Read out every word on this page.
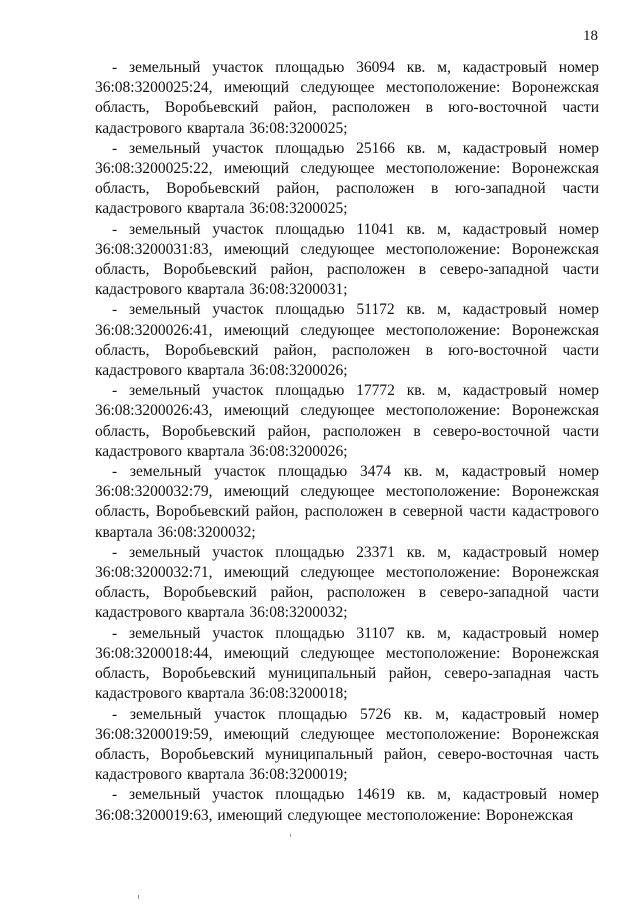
18

- земельный участок площадью 36094 кв. м, кадастровый номер 36:08:3200025:24, имеющий следующее местоположение: Воронежская область, Воробьевский район, расположен в юго-восточной части кадастрового квартала 36:08:3200025;

- земельный участок площадью 25166 кв. м, кадастровый номер 36:08:3200025:22, имеющий следующее местоположение: Воронежская область, Воробьевский район, расположен в юго-западной части кадастрового квартала 36:08:3200025;

- земельный участок площадью 11041 кв. м, кадастровый номер 36:08:3200031:83, имеющий следующее местоположение: Воронежская область, Воробьевский район, расположен в северо-западной части кадастрового квартала 36:08:3200031;

- земельный участок площадью 51172 кв. м, кадастровый номер 36:08:3200026:41, имеющий следующее местоположение: Воронежская область, Воробьевский район, расположен в юго-восточной части кадастрового квартала 36:08:3200026;

- земельный участок площадью 17772 кв. м, кадастровый номер 36:08:3200026:43, имеющий следующее местоположение: Воронежская область, Воробьевский район, расположен в северо-восточной части кадастрового квартала 36:08:3200026;

- земельный участок площадью 3474 кв. м, кадастровый номер 36:08:3200032:79, имеющий следующее местоположение: Воронежская область, Воробьевский район, расположен в северной части кадастрового квартала 36:08:3200032;

- земельный участок площадью 23371 кв. м, кадастровый номер 36:08:3200032:71, имеющий следующее местоположение: Воронежская область, Воробьевский район, расположен в северо-западной части кадастрового квартала 36:08:3200032;

- земельный участок площадью 31107 кв. м, кадастровый номер 36:08:3200018:44, имеющий следующее местоположение: Воронежская область, Воробьевский муниципальный район, северо-западная часть кадастрового квартала 36:08:3200018;

- земельный участок площадью 5726 кв. м, кадастровый номер 36:08:3200019:59, имеющий следующее местоположение: Воронежская область, Воробьевский муниципальный район, северо-восточная часть кадастрового квартала 36:08:3200019;

- земельный участок площадью 14619 кв. м, кадастровый номер 36:08:3200019:63, имеющий следующее местоположение: Воронежская
